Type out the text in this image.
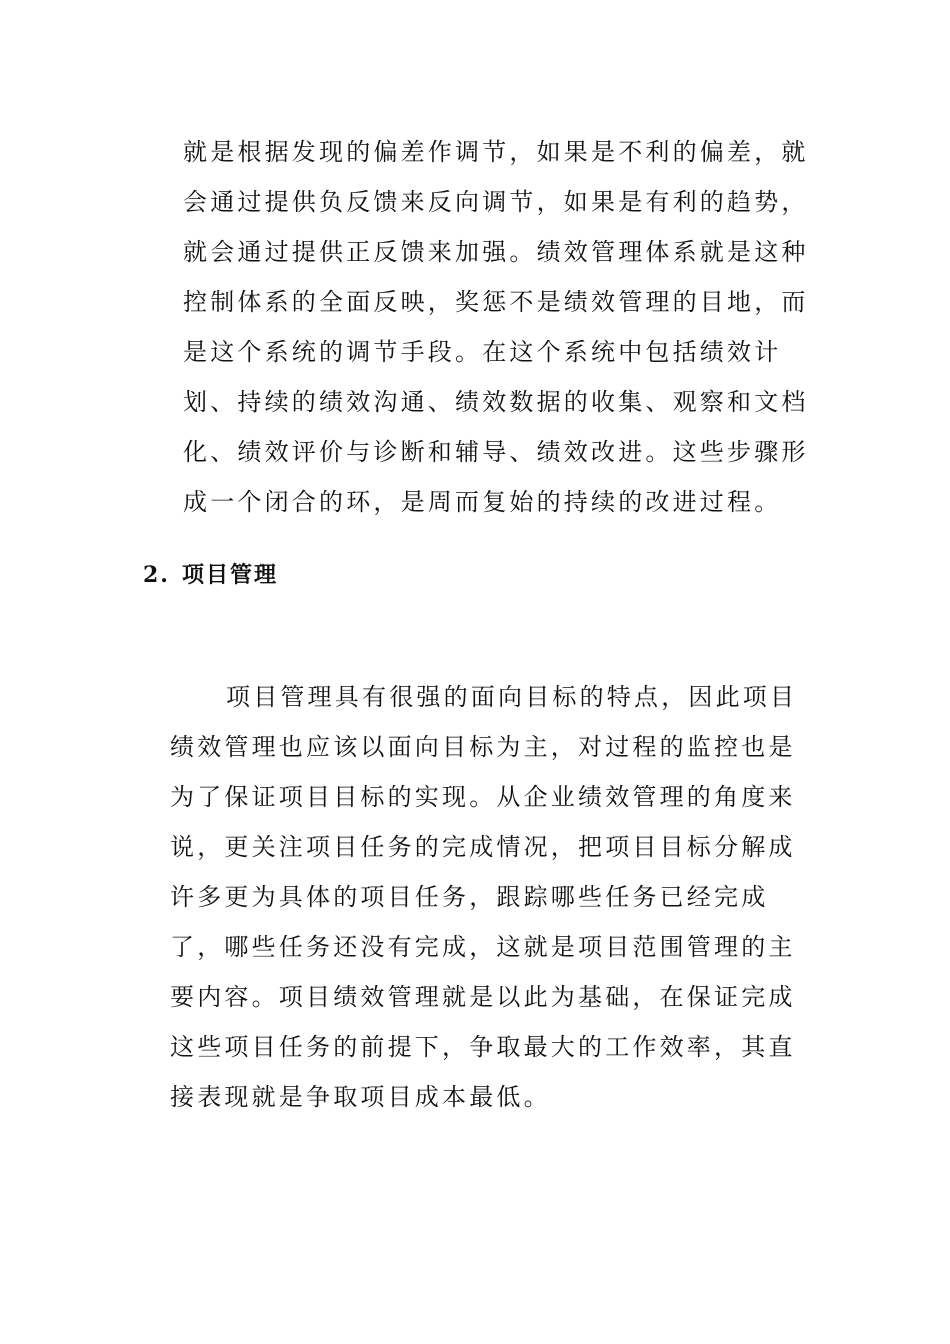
就是根据发现的偏差作调节，如果是不利的偏差，就会通过提供负反馈来反向调节，如果是有利的趋势，就会通过提供正反馈来加强。绩效管理体系就是这种控制体系的全面反映，奖惩不是绩效管理的目地，而是这个系统的调节手段。在这个系统中包括绩效计划、持续的绩效沟通、绩效数据的收集、观察和文档化、绩效评价与诊断和辅导、绩效改进。这些步骤形成一个闭合的环，是周而复始的持续的改进过程。

2. 项目管理

项目管理具有很强的面向目标的特点，因此项目绩效管理也应该以面向目标为主，对过程的监控也是为了保证项目目标的实现。从企业绩效管理的角度来说，更关注项目任务的完成情况，把项目目标分解成许多更为具体的项目任务，跟踪哪些任务已经完成了，哪些任务还没有完成，这就是项目范围管理的主要内容。项目绩效管理就是以此为基础，在保证完成这些项目任务的前提下，争取最大的工作效率，其直接表现就是争取项目成本最低。
